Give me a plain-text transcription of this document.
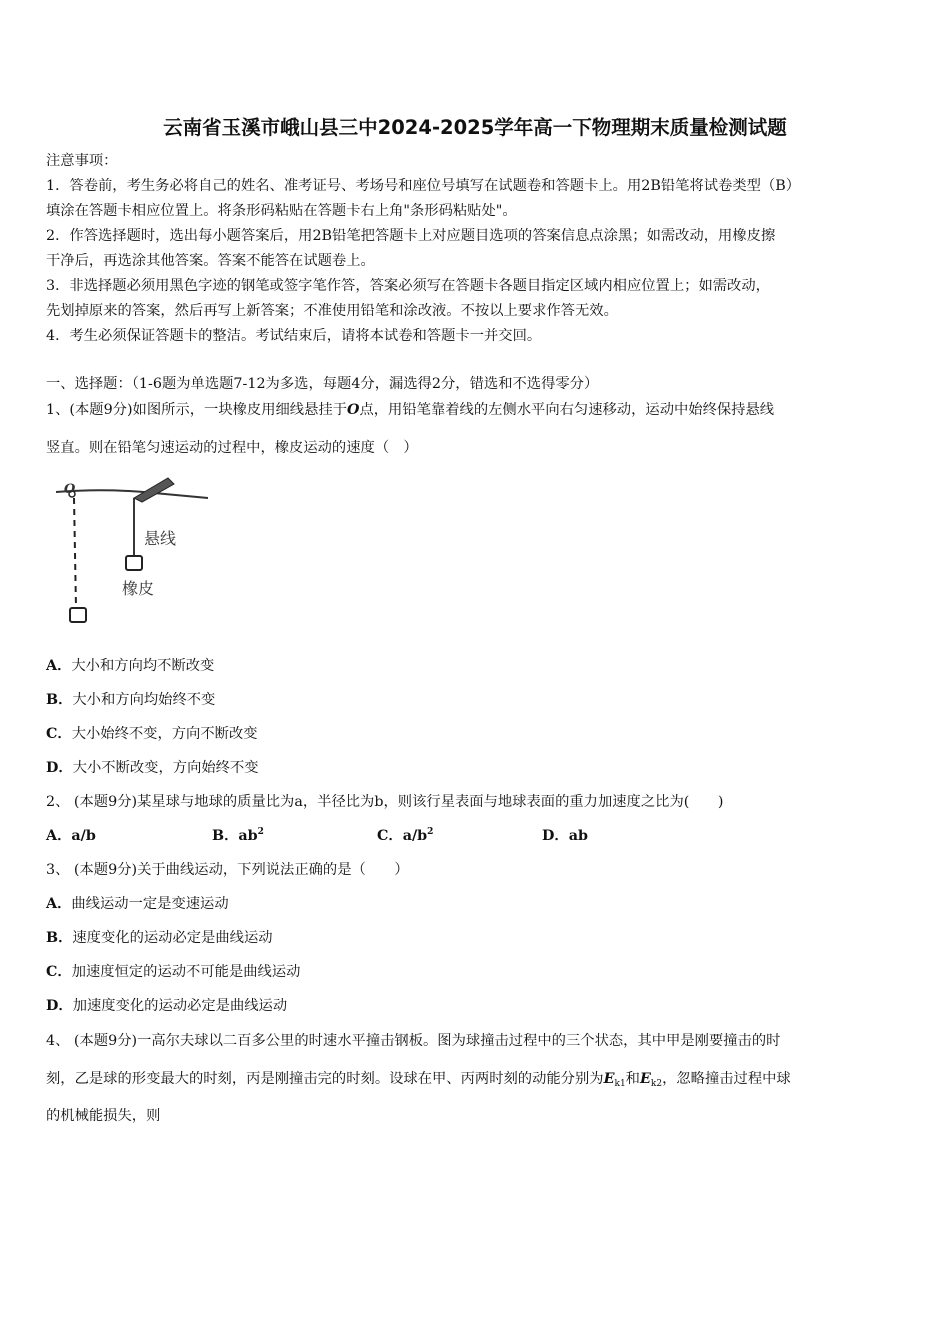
云南省玉溪市峨山县三中2024-2025学年高一下物理期末质量检测试题
注意事项：
1．答卷前，考生务必将自己的姓名、准考证号、考场号和座位号填写在试题卷和答题卡上。用2B铅笔将试卷类型（B）
填涂在答题卡相应位置上。将条形码粘贴在答题卡右上角"条形码粘贴处"。
2．作答选择题时，选出每小题答案后，用2B铅笔把答题卡上对应题目选项的答案信息点涂黑；如需改动，用橡皮擦
干净后，再选涂其他答案。答案不能答在试题卷上。
3．非选择题必须用黑色字迹的钢笔或签字笔作答，答案必须写在答题卡各题目指定区域内相应位置上；如需改动，
先划掉原来的答案，然后再写上新答案；不准使用铅笔和涂改液。不按以上要求作答无效。
4．考生必须保证答题卡的整洁。考试结束后，请将本试卷和答题卡一并交回。
一、选择题：（1-6题为单选题7-12为多选，每题4分，漏选得2分，错选和不选得零分）
1、(本题9分)如图所示，一块橡皮用细线悬挂于O点，用铅笔靠着线的左侧水平向右匀速移动，运动中始终保持悬线
竖直。则在铅笔匀速运动的过程中，橡皮运动的速度（　）
O
悬线
橡皮
A．大小和方向均不断改变
B．大小和方向均始终不变
C．大小始终不变，方向不断改变
D．大小不断改变，方向始终不变
2、 (本题9分)某星球与地球的质量比为a，半径比为b，则该行星表面与地球表面的重力加速度之比为(　　)
A．a/b	B．$ab^2$	C．$a/b^2$	D．ab
3、 (本题9分)关于曲线运动，下列说法正确的是（　　）
A．曲线运动一定是变速运动
B．速度变化的运动必定是曲线运动
C．加速度恒定的运动不可能是曲线运动
D．加速度变化的运动必定是曲线运动
4、 (本题9分)一高尔夫球以二百多公里的时速水平撞击钢板。图为球撞击过程中的三个状态，其中甲是刚要撞击的时
刻，乙是球的形变最大的时刻，丙是刚撞击完的时刻。设球在甲、丙两时刻的动能分别为$E_{k1}$和$E_{k2}$，忽略撞击过程中球
的机械能损失，则
